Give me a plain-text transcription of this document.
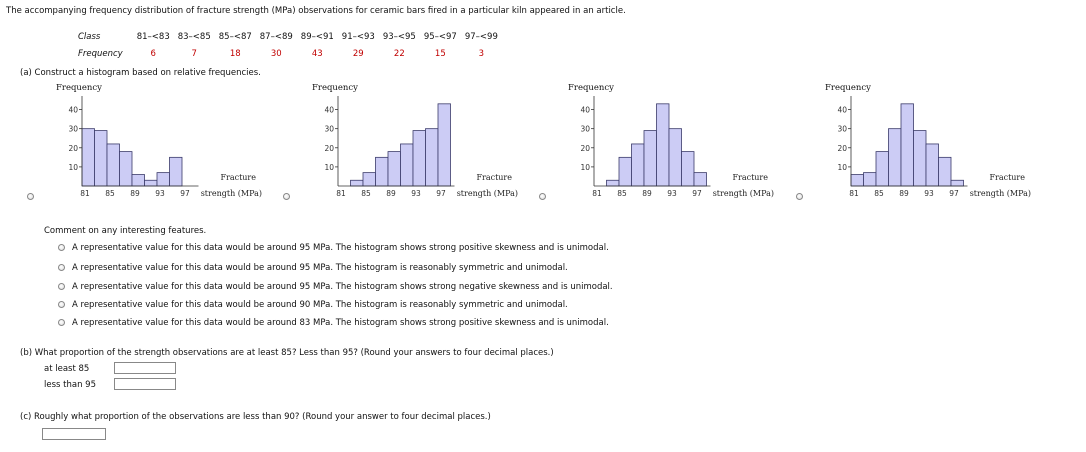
The accompanying frequency distribution of fracture strength (MPa) observations for ceramic bars fired in a particular kiln appeared in an article.
Class	81–<83	83–<85	85–<87	87–<89	89–<91	91–<93	93–<95	95–<97	97–<99
Frequency	6	7	18	30	43	29	22	15	3
(a) Construct a histogram based on relative frequencies.
Frequency
10
20
30
40
81 85 89 93 97
Fracture
strength (MPa)
Frequency
10
20
30
40
81 85 89 93 97
Fracture
strength (MPa)
Frequency
10
20
30
40
81 85 89 93 97
Fracture
strength (MPa)
Frequency
10
20
30
40
81 85 89 93 97
Fracture
strength (MPa)
Comment on any interesting features.
A representative value for this data would be around 95 MPa. The histogram shows strong positive skewness and is unimodal.
A representative value for this data would be around 95 MPa. The histogram is reasonably symmetric and unimodal.
A representative value for this data would be around 95 MPa. The histogram shows strong negative skewness and is unimodal.
A representative value for this data would be around 90 MPa. The histogram is reasonably symmetric and unimodal.
A representative value for this data would be around 83 MPa. The histogram shows strong positive skewness and is unimodal.
(b) What proportion of the strength observations are at least 85? Less than 95? (Round your answers to four decimal places.)
at least 85
less than 95
(c) Roughly what proportion of the observations are less than 90? (Round your answer to four decimal places.)
